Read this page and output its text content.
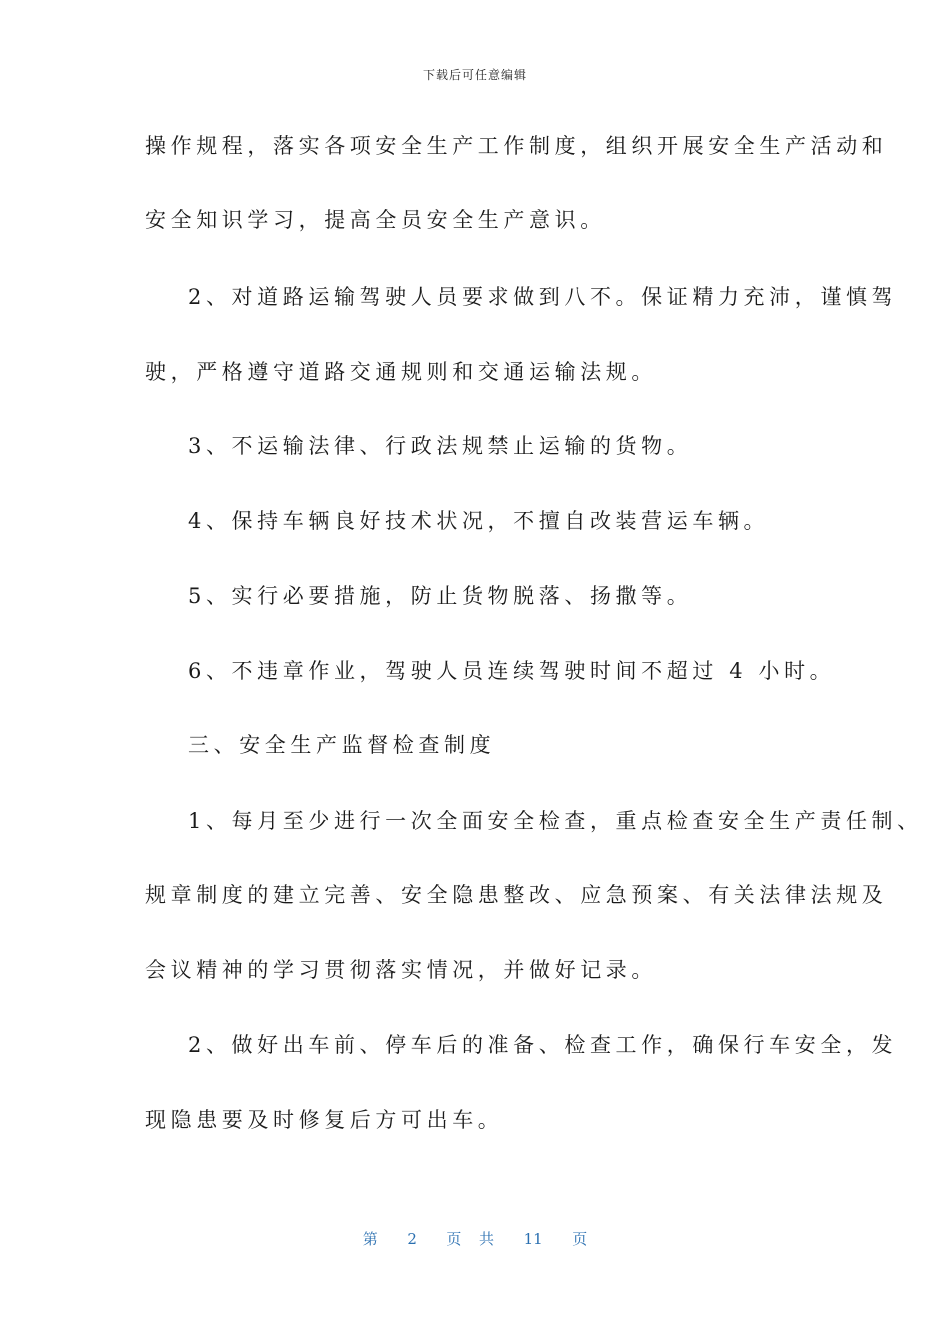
下载后可任意编辑
操作规程，落实各项安全生产工作制度，组织开展安全生产活动和
安全知识学习，提高全员安全生产意识。
2、对道路运输驾驶人员要求做到八不。保证精力充沛，谨慎驾
驶，严格遵守道路交通规则和交通运输法规。
3、不运输法律、行政法规禁止运输的货物。
4、保持车辆良好技术状况，不擅自改装营运车辆。
5、实行必要措施，防止货物脱落、扬撒等。
6、不违章作业，驾驶人员连续驾驶时间不超过 4 小时。
三、安全生产监督检查制度
1、每月至少进行一次全面安全检查，重点检查安全生产责任制、
规章制度的建立完善、安全隐患整改、应急预案、有关法律法规及
会议精神的学习贯彻落实情况，并做好记录。
2、做好出车前、停车后的准备、检查工作，确保行车安全，发
现隐患要及时修复后方可出车。
第 2 页 共 11 页
